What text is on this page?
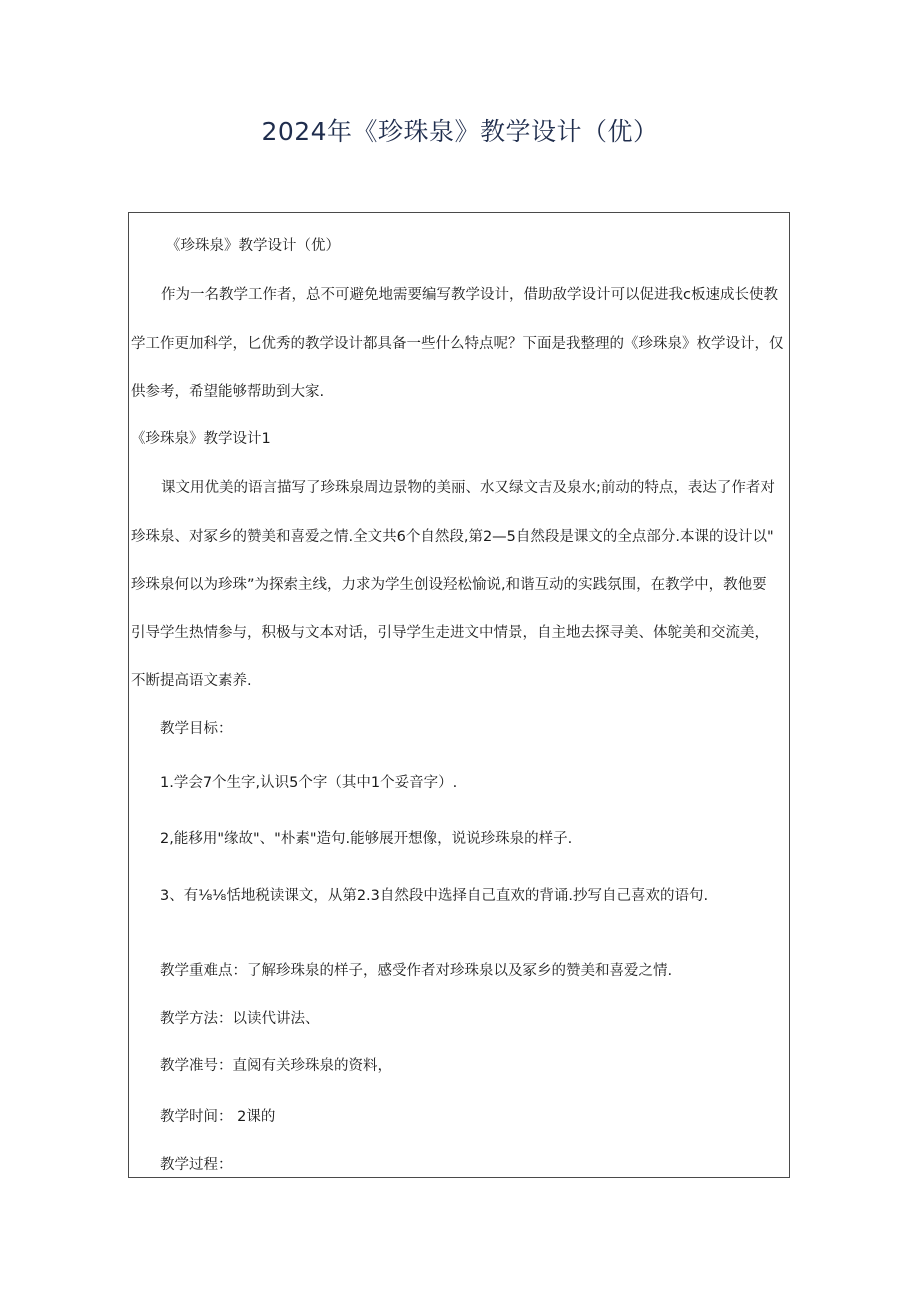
2024年《珍珠泉》教学设计（优）

《珍珠泉》教学设计（优）

作为一名教学工作者，总不可避免地需要编写教学设计，借助敌学设计可以促进我c板速成长使教

学工作更加科学，匕优秀的教学设计都具备一些什么特点呢？下面是我整理的《珍珠泉》枚学设计，仅

供参考，希望能够帮助到大家.

《珍珠泉》教学设计1

课文用优美的语言描写了珍珠泉周边景物的美丽、水又绿文吉及泉水;前动的特点，表达了作者对

珍珠泉、对冢乡的赞美和喜爱之情.全文共6个自然段,第2—5自然段是课文的全点部分.本课的设计以"

珍珠泉何以为珍珠”为探索主线，力求为学生创设羟松愉说,和谐互动的实践氛围，在教学中，教他要

引导学生热情参与，积极与文本对话，引导学生走进文中情景，自主地去探寻美、体鸵美和交流美，

不断提高语文素养.

教学目标：

1.学会7个生字,认识5个字（其中1个妥音字）.

2,能移用"缘故"、"朴素"造句.能够展开想像，说说珍珠泉的样子.

3、有⅛⅛恬地税读课文，从第2.3自然段中选择自己直欢的背诵.抄写自己喜欢的语句.

教学重难点：了解珍珠泉的样子，感受作者对珍珠泉以及冢乡的赞美和喜爱之情.

教学方法：以读代讲法、

教学准号：直阅有关珍珠泉的资料，

教学时间： 2课的

教学过程：
